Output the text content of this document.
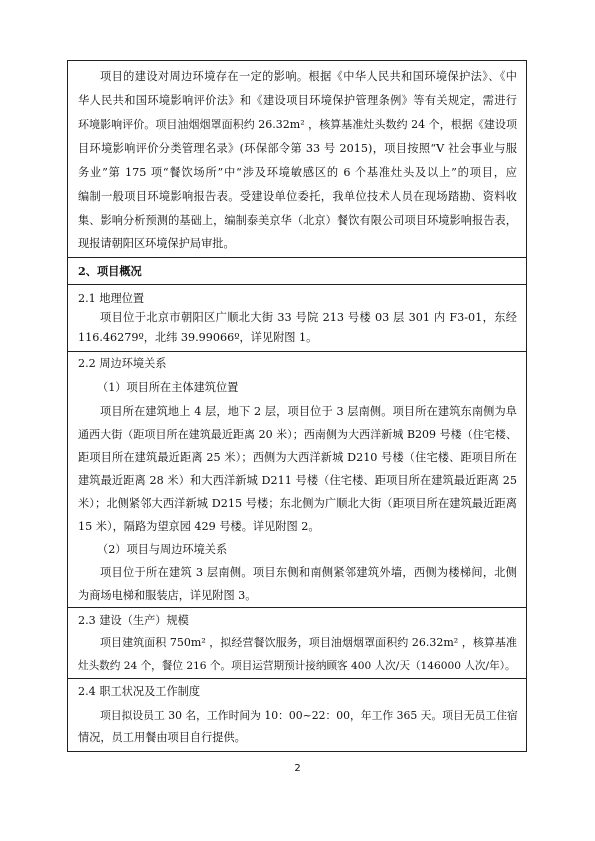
项目的建设对周边环境存在一定的影响。根据《中华人民共和国环境保护法》、《中
华人民共和国环境影响评价法》和《建设项目环境保护管理条例》等有关规定，需进行
环境影响评价。项目油烟烟罩面积约 26.32m² ，核算基准灶头数约 24 个，根据《建设项
目环境影响评价分类管理名录》(环保部令第 33 号 2015)，项目按照“V 社会事业与服
务业”第 175 项“餐饮场所”中“涉及环境敏感区的 6 个基准灶头及以上”的项目，应
编制一般项目环境影响报告表。受建设单位委托，我单位技术人员在现场踏勘、资料收
集、影响分析预测的基础上，编制泰美京华（北京）餐饮有限公司项目环境影响报告表，
现报请朝阳区环境保护局审批。
2、项目概况
2.1 地理位置
项目位于北京市朝阳区广顺北大街 33 号院 213 号楼 03 层 301 内 F3-01，东经
116.46279º，北纬 39.99066º，详见附图 1。
2.2 周边环境关系
（1）项目所在主体建筑位置
项目所在建筑地上 4 层，地下 2 层，项目位于 3 层南侧。项目所在建筑东南侧为阜
通西大街（距项目所在建筑最近距离 20 米）；西南侧为大西洋新城 B209 号楼（住宅楼、
距项目所在建筑最近距离 25 米）；西侧为大西洋新城 D210 号楼（住宅楼、距项目所在
建筑最近距离 28 米）和大西洋新城 D211 号楼（住宅楼、距项目所在建筑最近距离 25
米）；北侧紧邻大西洋新城 D215 号楼；东北侧为广顺北大街（距项目所在建筑最近距离
15 米），隔路为望京园 429 号楼。详见附图 2。
（2）项目与周边环境关系
项目位于所在建筑 3 层南侧。项目东侧和南侧紧邻建筑外墙，西侧为楼梯间，北侧
为商场电梯和服装店，详见附图 3。
2.3 建设（生产）规模
项目建筑面积 750m² ，拟经营餐饮服务，项目油烟烟罩面积约 26.32m² ，核算基准
灶头数约 24 个，餐位 216 个。项目运营期预计接纳顾客 400 人次/天（146000 人次/年）。
2.4 职工状况及工作制度
项目拟设员工 30 名，工作时间为 10：00~22：00，年工作 365 天。项目无员工住宿
情况，员工用餐由项目自行提供。
2
